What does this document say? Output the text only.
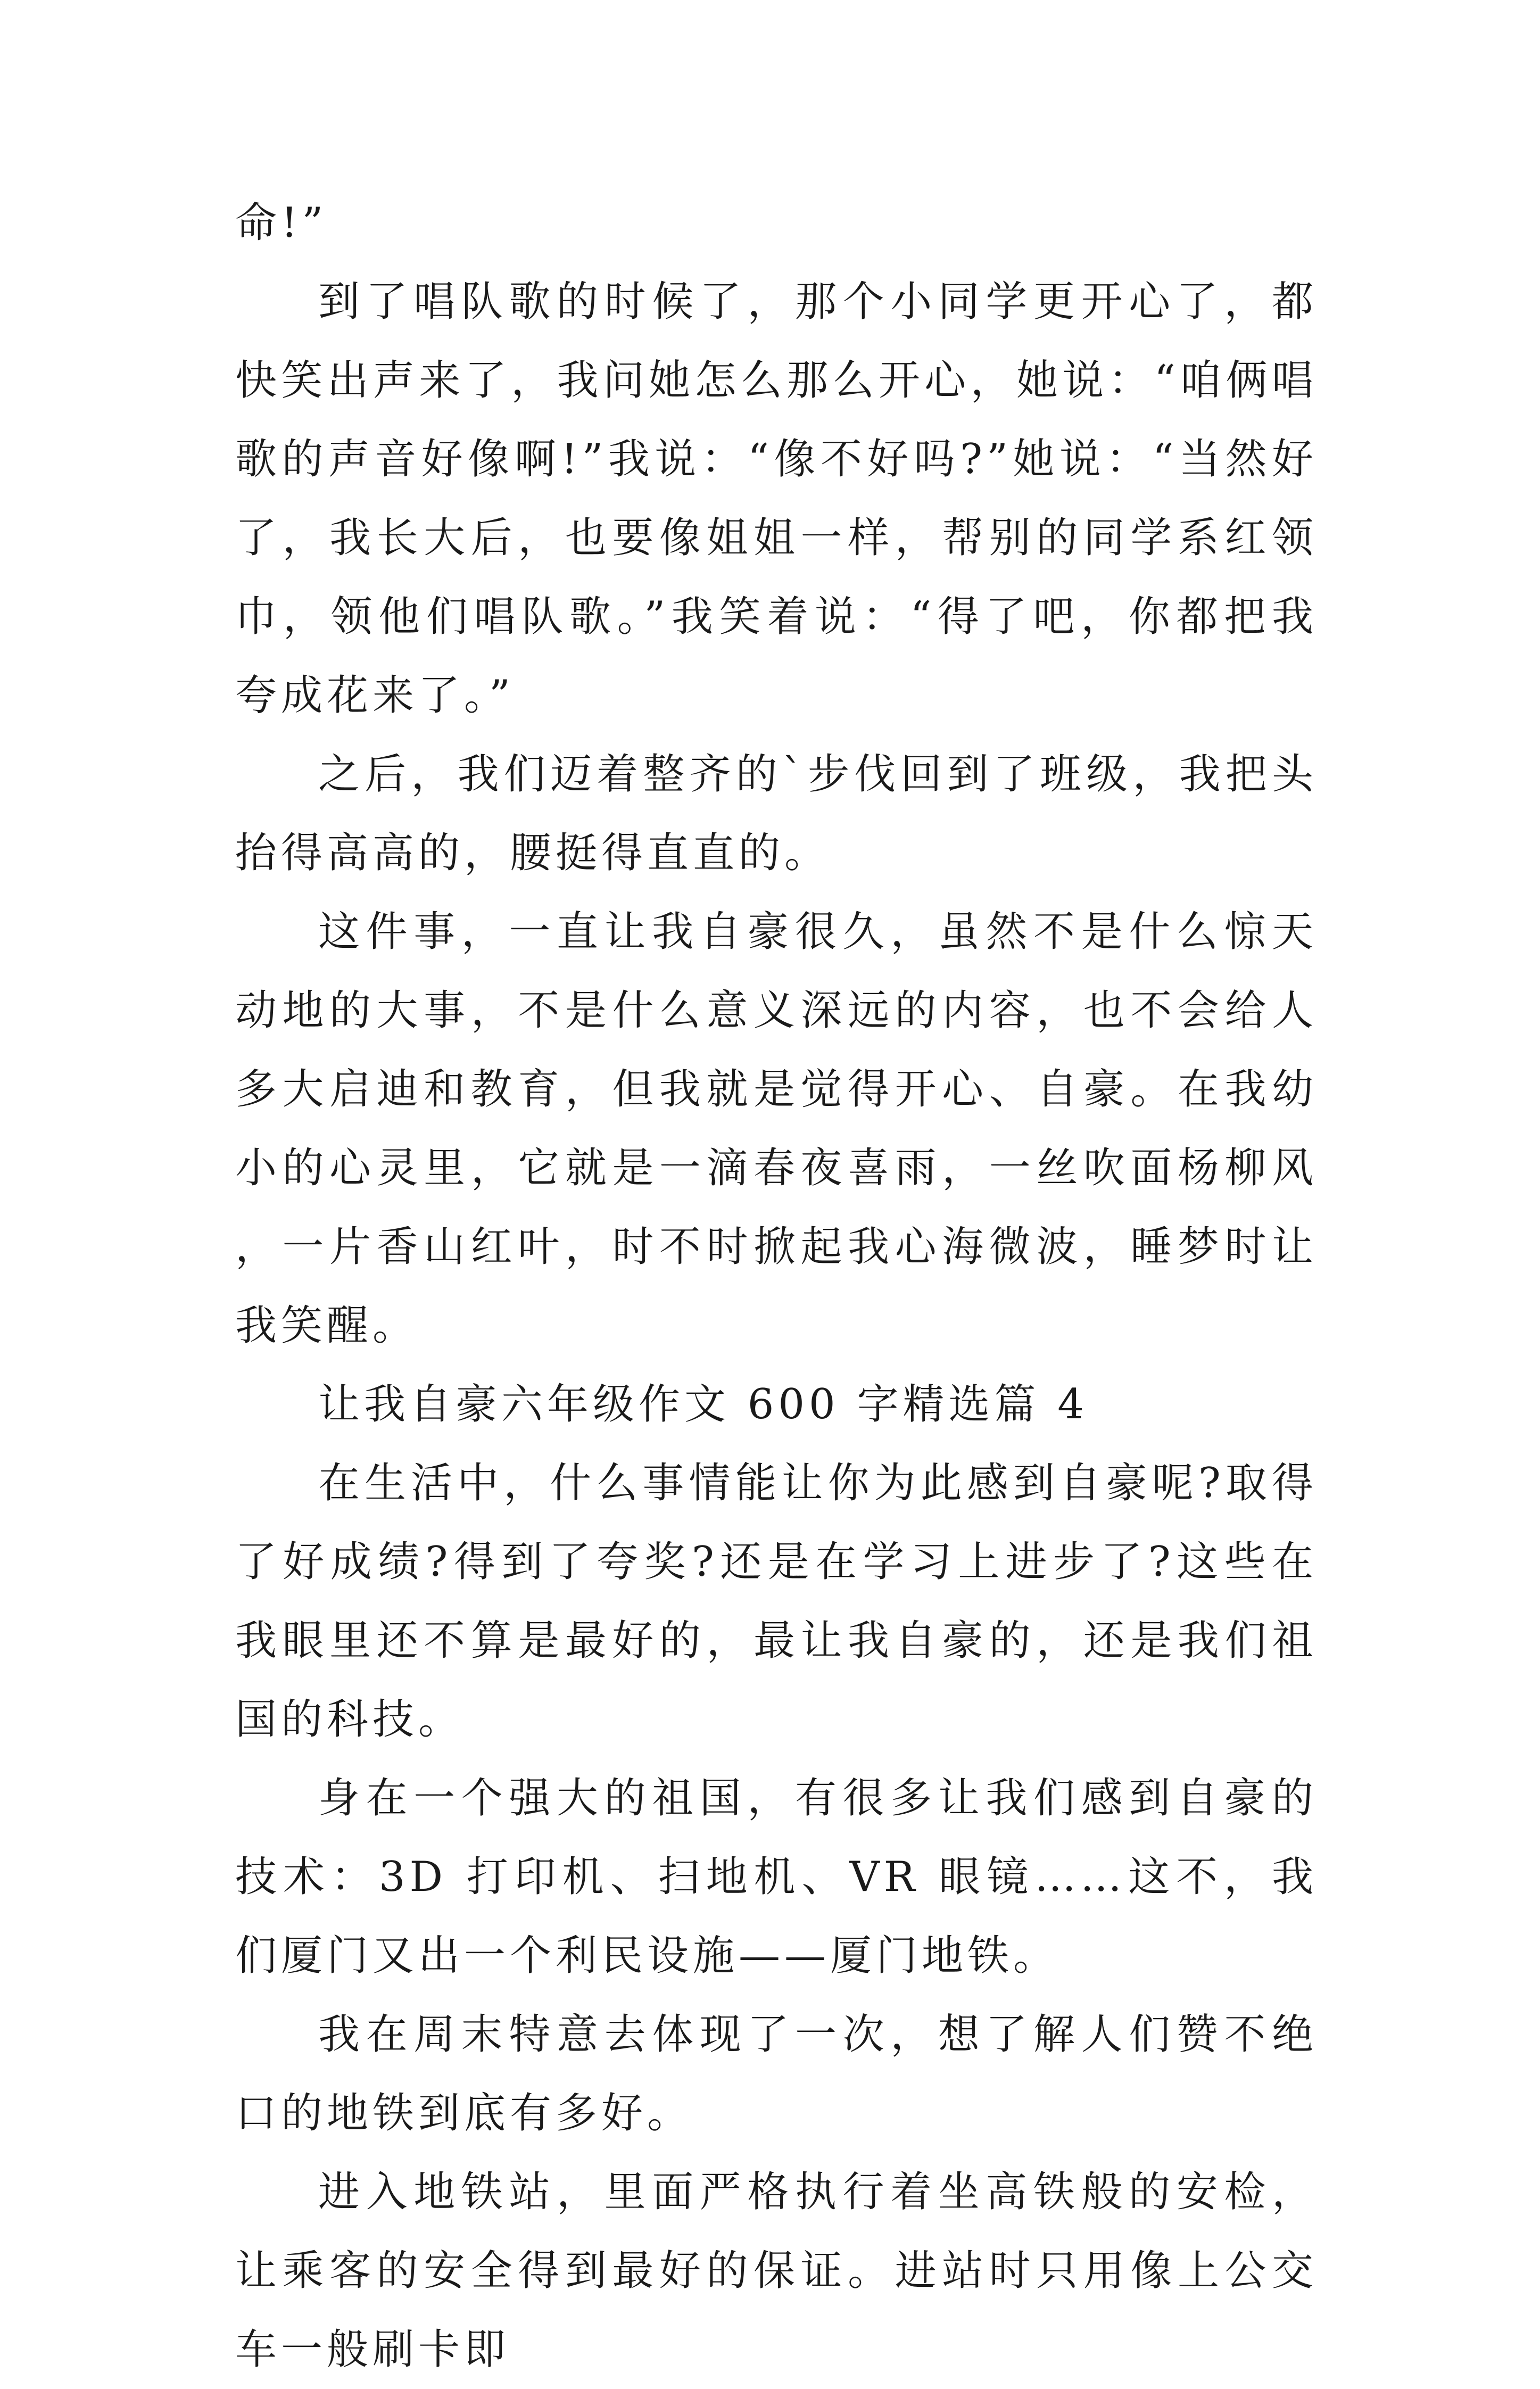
命!”

到了唱队歌的时候了，那个小同学更开心了，都快笑出声来了，我问她怎么那么开心，她说：“咱俩唱歌的声音好像啊!”我说：“像不好吗?”她说：“当然好了，我长大后，也要像姐姐一样，帮别的同学系红领巾，领他们唱队歌。”我笑着说：“得了吧，你都把我夸成花来了。”

之后，我们迈着整齐的`步伐回到了班级，我把头抬得高高的，腰挺得直直的。

这件事，一直让我自豪很久，虽然不是什么惊天动地的大事，不是什么意义深远的内容，也不会给人多大启迪和教育，但我就是觉得开心、自豪。在我幼小的心灵里，它就是一滴春夜喜雨，一丝吹面杨柳风，一片香山红叶，时不时掀起我心海微波，睡梦时让我笑醒。

让我自豪六年级作文 600 字精选篇 4

在生活中，什么事情能让你为此感到自豪呢?取得了好成绩?得到了夸奖?还是在学习上进步了?这些在我眼里还不算是最好的，最让我自豪的，还是我们祖国的科技。

身在一个强大的祖国，有很多让我们感到自豪的技术：3D 打印机、扫地机、VR 眼镜……这不，我们厦门又出一个利民设施——厦门地铁。

我在周末特意去体现了一次，想了解人们赞不绝口的地铁到底有多好。

进入地铁站，里面严格执行着坐高铁般的安检，让乘客的安全得到最好的保证。进站时只用像上公交车一般刷卡即
